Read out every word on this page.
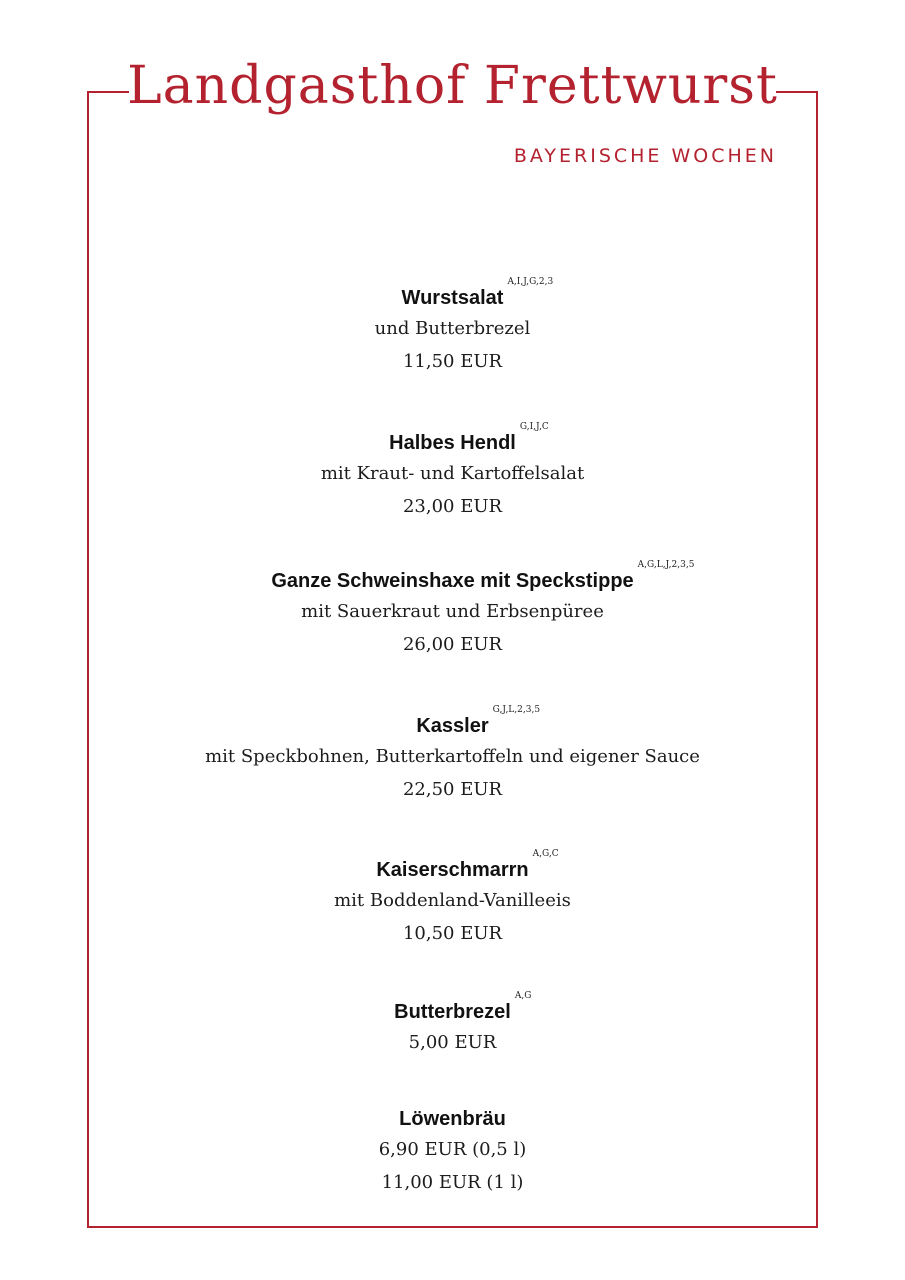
Landgasthof Frettwurst

BAYERISCHE WOCHEN

Wurstsalat
A,I,J,G,2,3

und Butterbrezel

11,50 EUR

Halbes Hendl
G,I,J,C

mit Kraut- und Kartoffelsalat

23,00 EUR

Ganze Schweinshaxe mit Speckstippe
A,G,L,J,2,3,5

mit Sauerkraut und Erbsenpüree

26,00 EUR

Kassler
G,J,L,2,3,5

mit Speckbohnen, Butterkartoffeln und eigener Sauce

22,50 EUR

Kaiserschmarrn
A,G,C

mit Boddenland-Vanilleeis

10,50 EUR

Butterbrezel
A,G

5,00 EUR

Löwenbräu

6,90 EUR (0,5 l)

11,00 EUR (1 l)
